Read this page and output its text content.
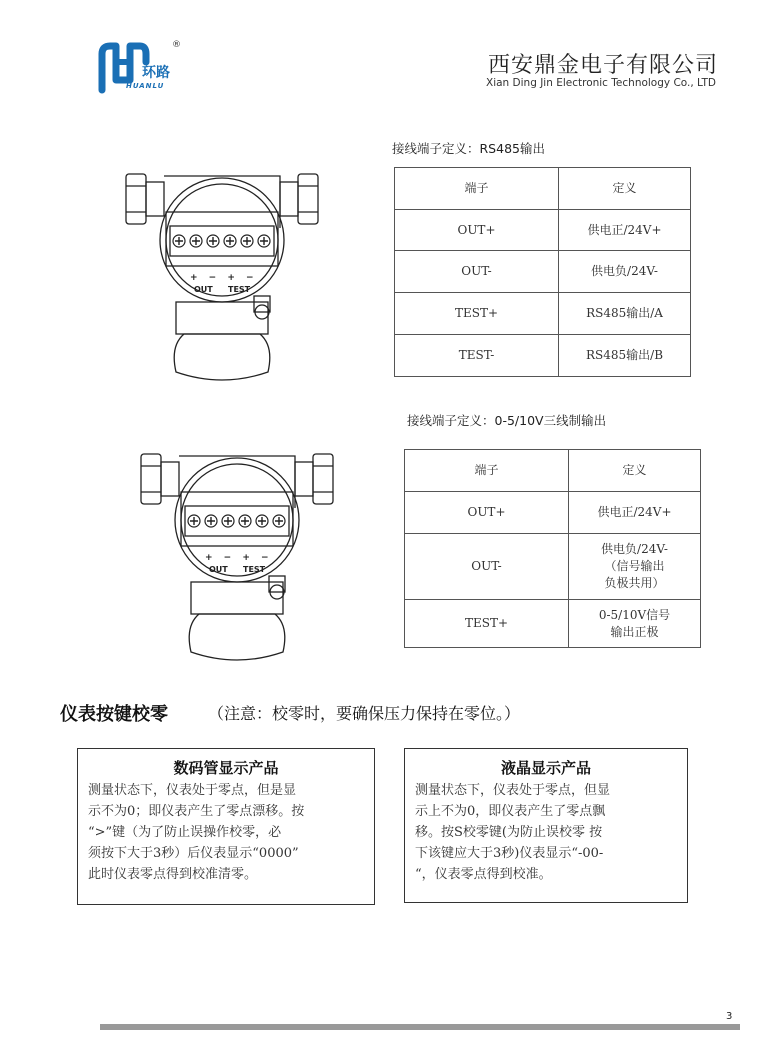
环路
HUANLU
®
西安鼎金电子有限公司
Xian Ding Jin Electronic Technology Co., LTD
接线端子定义：RS485输出
+ − + −
OUT TEST
端子	定义
OUT+	供电正/24V+
OUT-	供电负/24V-
TEST+	RS485输出/A
TEST-	RS485输出/B
接线端子定义：0-5/10V三线制输出
+ − + −
OUT TEST
端子	定义
OUT+	供电正/24V+
OUT-	供电负/24V-
（信号输出
负极共用）
TEST+	0-5/10V信号
输出正极
仪表按键校零	（注意：校零时，要确保压力保持在零位。）
数码管显示产品
测量状态下，仪表处于零点，但是显
示不为0；即仪表产生了零点漂移。按
“>”键（为了防止误操作校零，必
须按下大于3秒）后仪表显示“0000”
此时仪表零点得到校准清零。
液晶显示产品
测量状态下，仪表处于零点，但显
示上不为0，即仪表产生了零点飘
移。按S校零键(为防止误校零 按
下该键应大于3秒)仪表显示“-00-
“，仪表零点得到校准。
3
